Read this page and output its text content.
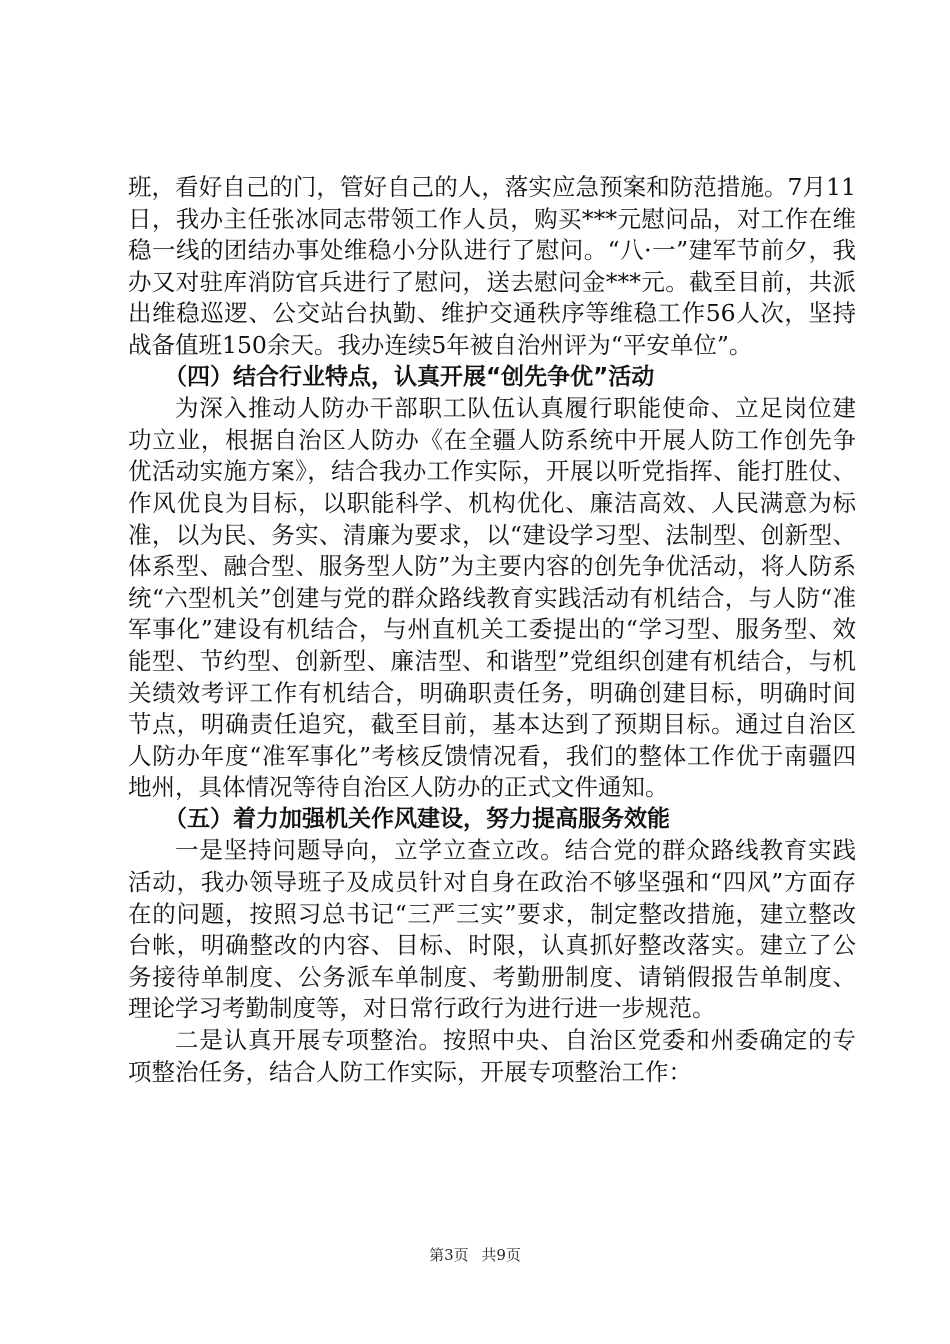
班，看好自己的门，管好自己的人，落实应急预案和防范措施。7月11日，我办主任张冰同志带领工作人员，购买***元慰问品，对工作在维稳一线的团结办事处维稳小分队进行了慰问。“八·一”建军节前夕，我办又对驻库消防官兵进行了慰问，送去慰问金***元。截至目前，共派出维稳巡逻、公交站台执勤、维护交通秩序等维稳工作56人次，坚持战备值班150余天。我办连续5年被自治州评为“平安单位”。

（四）结合行业特点，认真开展“创先争优”活动

为深入推动人防办干部职工队伍认真履行职能使命、立足岗位建功立业，根据自治区人防办《在全疆人防系统中开展人防工作创先争优活动实施方案》，结合我办工作实际，开展以听党指挥、能打胜仗、作风优良为目标，以职能科学、机构优化、廉洁高效、人民满意为标准，以为民、务实、清廉为要求，以“建设学习型、法制型、创新型、体系型、融合型、服务型人防”为主要内容的创先争优活动，将人防系统“六型机关”创建与党的群众路线教育实践活动有机结合，与人防“准军事化”建设有机结合，与州直机关工委提出的“学习型、服务型、效能型、节约型、创新型、廉洁型、和谐型”党组织创建有机结合，与机关绩效考评工作有机结合，明确职责任务，明确创建目标，明确时间节点，明确责任追究，截至目前，基本达到了预期目标。通过自治区人防办年度“准军事化”考核反馈情况看，我们的整体工作优于南疆四地州，具体情况等待自治区人防办的正式文件通知。

（五）着力加强机关作风建设，努力提高服务效能

一是坚持问题导向，立学立查立改。结合党的群众路线教育实践活动，我办领导班子及成员针对自身在政治不够坚强和“四风”方面存在的问题，按照习总书记“三严三实”要求，制定整改措施，建立整改台帐，明确整改的内容、目标、时限，认真抓好整改落实。建立了公务接待单制度、公务派车单制度、考勤册制度、请销假报告单制度、理论学习考勤制度等，对日常行政行为进行进一步规范。

二是认真开展专项整治。按照中央、自治区党委和州委确定的专项整治任务，结合人防工作实际，开展专项整治工作：

第3页 共9页
